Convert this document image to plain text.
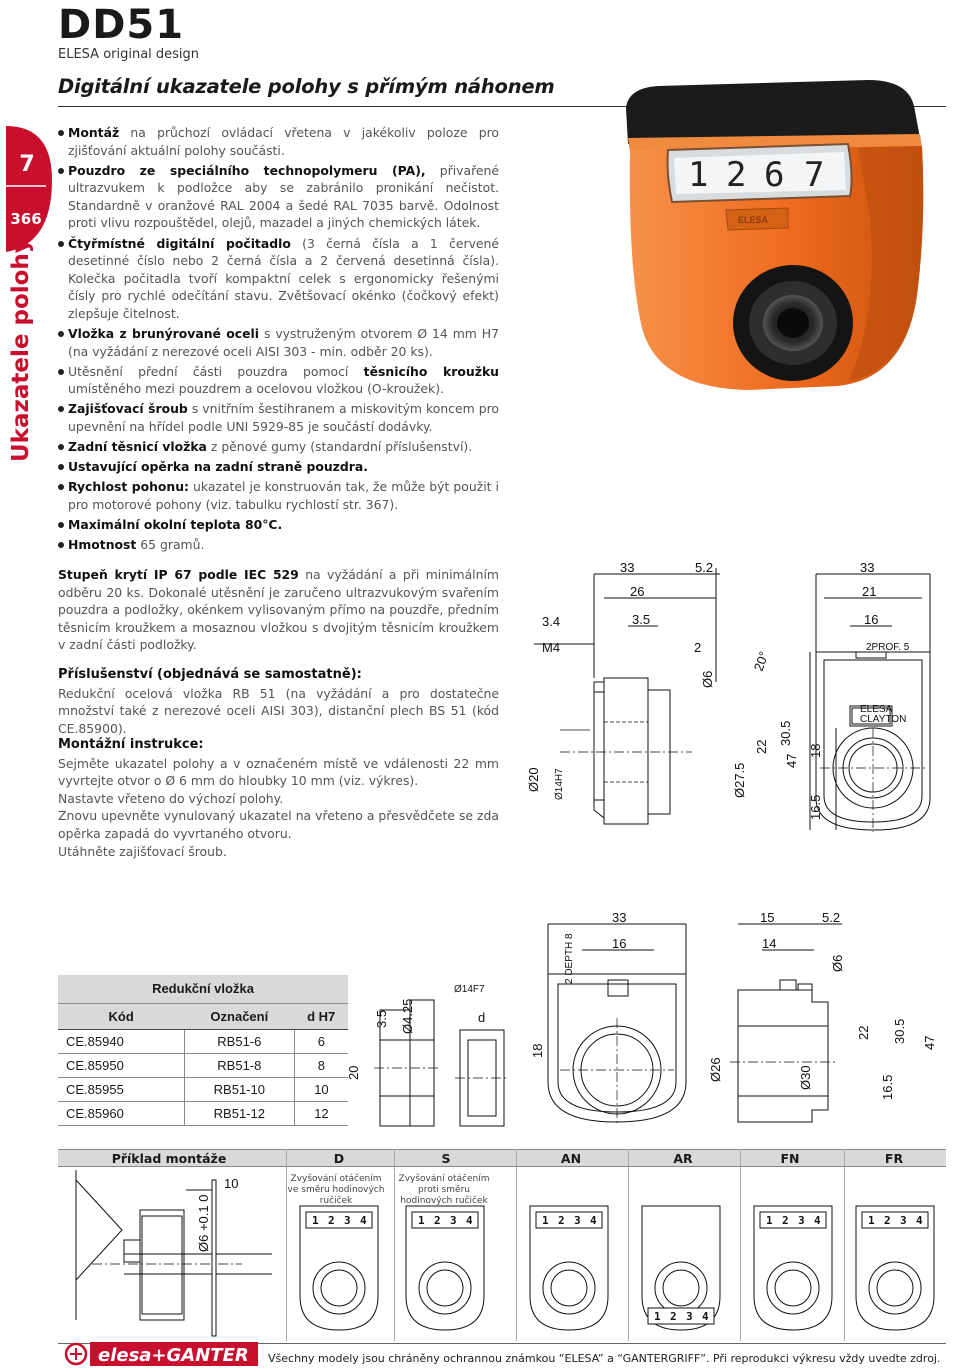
DD51
ELESA original design
Digitální ukazatele polohy s přímým náhonem
7
366
Ukazatele polohy
Montáž na průchozí ovládací vřetena v jakékoliv poloze pro zjišťování aktuální polohy součásti.
Pouzdro ze speciálního technopolymeru (PA), přivařené ultrazvukem k podložce aby se zabránilo pronikání nečistot. Standardně v oranžové RAL 2004 a šedé RAL 7035 barvě. Odolnost proti vlivu rozpouštědel, olejů, mazadel a jiných chemických látek.
Čtyřmístné digitální počitadlo (3 černá čísla a 1 červené desetinné číslo nebo 2 černá čísla a 2 červená desetinná čísla). Kolečka počitadla tvoří kompaktní celek s ergonomicky řešenými čísly pro rychlé odečítání stavu. Zvětšovací okénko (čočkový efekt) zlepšuje čitelnost.
Vložka z brunýrované oceli s vystruženým otvorem Ø 14 mm H7 (na vyžádání z nerezové oceli AISI 303 - min. odběr 20 ks).
Utěsnění přední části pouzdra pomocí těsnicího kroužku umístěného mezi pouzdrem a ocelovou vložkou (O-kroužek).
Zajišťovací šroub s vnitřním šestihranem a miskovitým koncem pro upevnění na hřídel podle UNI 5929-85 je součástí dodávky.
Zadní těsnicí vložka z pěnové gumy (standardní příslušenství).
Ustavující opěrka na zadní straně pouzdra.
Rychlost pohonu: ukazatel je konstruován tak, že může být použit i pro motorové pohony (viz. tabulku rychlostí str. 367).
Maximální okolní teplota 80°C.
Hmotnost 65 gramů.
1 2 6 7
ELESA
Stupeň krytí IP 67 podle IEC 529 na vyžádání a při minimálním odběru 20 ks. Dokonalé utěsnění je zaručeno ultrazvukovým svařením pouzdra a podložky, okénkem vylisovaným přímo na pouzdře, předním těsnicím kroužkem a mosaznou vložkou s dvojitým těsnicím kroužkem v zadní části podložky.
Příslušenství (objednává se samostatně):
Redukční ocelová vložka RB 51 (na vyžádání a pro dostatečne množství také z nerezové oceli AISI 303), distanční plech BS 51 (kód CE.85900).
Montážní instrukce:
Sejměte ukazatel polohy a v označeném místě ve vdálenosti 22 mm vyvrtejte otvor o Ø 6 mm do hloubky 10 mm (viz. výkres).
Nastavte vřeteno do výchozí polohy.
Znovu upevněte vynulovaný ukazatel na vřeteno a přesvědčete se zda opěrka zapadá do vyvrtaného otvoru.
Utáhněte zajišťovací šroub.
33	5.2
26
3.5
3.4
M4	2
Ø6
20°
Ø20 Ø14H7	Ø27.5
22
30.5
33
21
16
2PROF. 5
47
18
16.5
CLAYTON
ELESA
33
16
15
14
5.2
Ø14F7
2 DEPTH 8	Ø6
18
3.5 Ø4.25	d
20	Ø26	Ø30
22 30.5 47
16.5
Redukční vložka		
Kód	Označení	d H7
CE.85940	RB51-6	6
CE.85950	RB51-8	8
CE.85955	RB51-10	10
CE.85960	RB51-12	12
Příklad montáže	D	S	AN	AR	FN	FR
Zvyšování otáčením ve směru hodinových ručiček
Zvyšování otáčením proti směru hodinových ručiček
10
Ø6 +0.1 0	1 2 3 4	1 2 3 4	1 2 3 4
1 2 3 4
1 2 3 4	1 2 3 4
elesa+GANTER Všechny modely jsou chráněny ochrannou známkou “ELESA” a “GANTERGRIFF”. Při reprodukci výkresu vždy uvedte zdroj.
